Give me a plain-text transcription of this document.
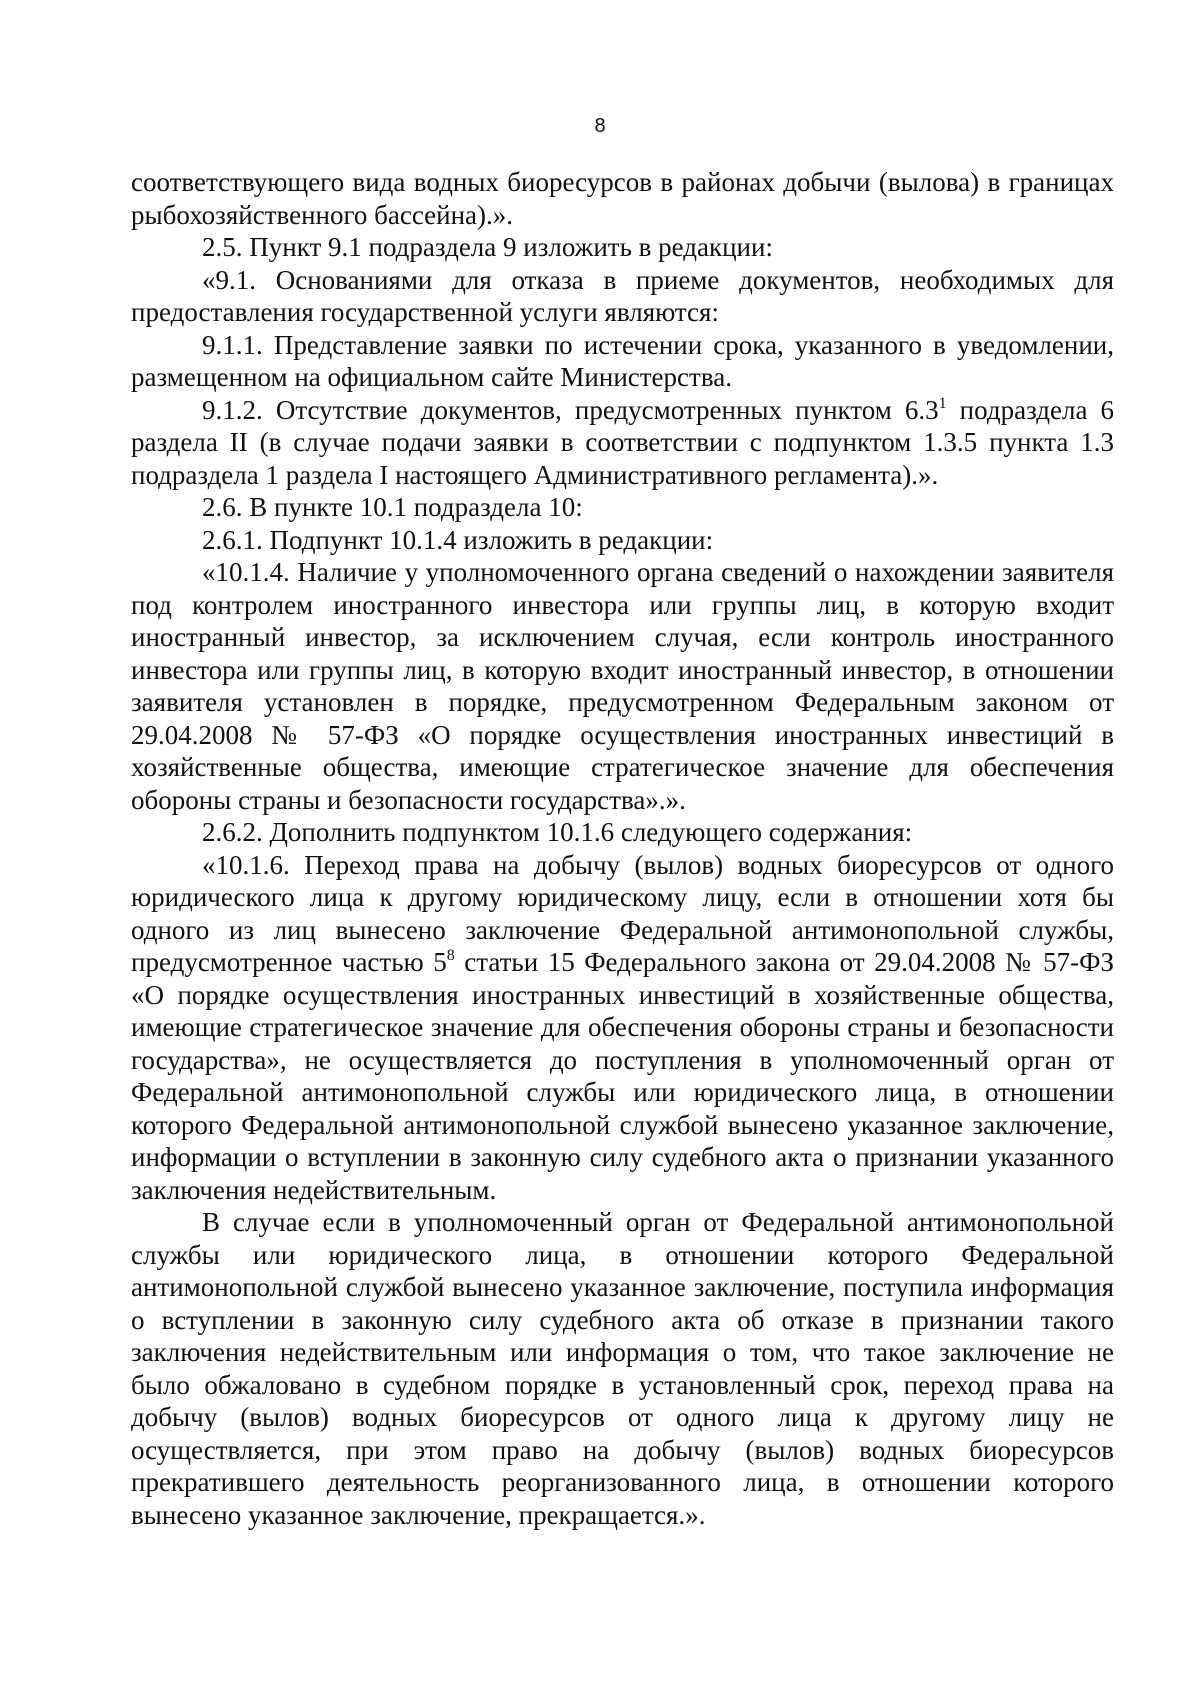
8

соответствующего вида водных биоресурсов в районах добычи (вылова) в границах рыбохозяйственного бассейна).».

2.5. Пункт 9.1 подраздела 9 изложить в редакции:

«9.1. Основаниями для отказа в приеме документов, необходимых для предоставления государственной услуги являются:

9.1.1. Представление заявки по истечении срока, указанного в уведомлении, размещенном на официальном сайте Министерства.

9.1.2. Отсутствие документов, предусмотренных пунктом $6.3^1$ подраздела 6 раздела II (в случае подачи заявки в соответствии с подпунктом 1.3.5 пункта 1.3 подраздела 1 раздела I настоящего Административного регламента).».

2.6. В пункте 10.1 подраздела 10:

2.6.1. Подпункт 10.1.4 изложить в редакции:

«10.1.4. Наличие у уполномоченного органа сведений о нахождении заявителя под контролем иностранного инвестора или группы лиц, в которую входит иностранный инвестор, за исключением случая, если контроль иностранного инвестора или группы лиц, в которую входит иностранный инвестор, в отношении заявителя установлен в порядке, предусмотренном Федеральным законом от 29.04.2008 № 57-ФЗ «О порядке осуществления иностранных инвестиций в хозяйственные общества, имеющие стратегическое значение для обеспечения обороны страны и безопасности государства».».

2.6.2. Дополнить подпунктом 10.1.6 следующего содержания:

«10.1.6. Переход права на добычу (вылов) водных биоресурсов от одного юридического лица к другому юридическому лицу, если в отношении хотя бы одного из лиц вынесено заключение Федеральной антимонопольной службы, предусмотренное частью $5^8$ статьи 15 Федерального закона от 29.04.2008 № 57-ФЗ «О порядке осуществления иностранных инвестиций в хозяйственные общества, имеющие стратегическое значение для обеспечения обороны страны и безопасности государства», не осуществляется до поступления в уполномоченный орган от Федеральной антимонопольной службы или юридического лица, в отношении которого Федеральной антимонопольной службой вынесено указанное заключение, информации о вступлении в законную силу судебного акта о признании указанного заключения недействительным.

В случае если в уполномоченный орган от Федеральной антимонопольной службы или юридического лица, в отношении которого Федеральной антимонопольной службой вынесено указанное заключение, поступила информация о вступлении в законную силу судебного акта об отказе в признании такого заключения недействительным или информация о том, что такое заключение не было обжаловано в судебном порядке в установленный срок, переход права на добычу (вылов) водных биоресурсов от одного лица к другому лицу не осуществляется, при этом право на добычу (вылов) водных биоресурсов прекратившего деятельность реорганизованного лица, в отношении которого вынесено указанное заключение, прекращается.».
